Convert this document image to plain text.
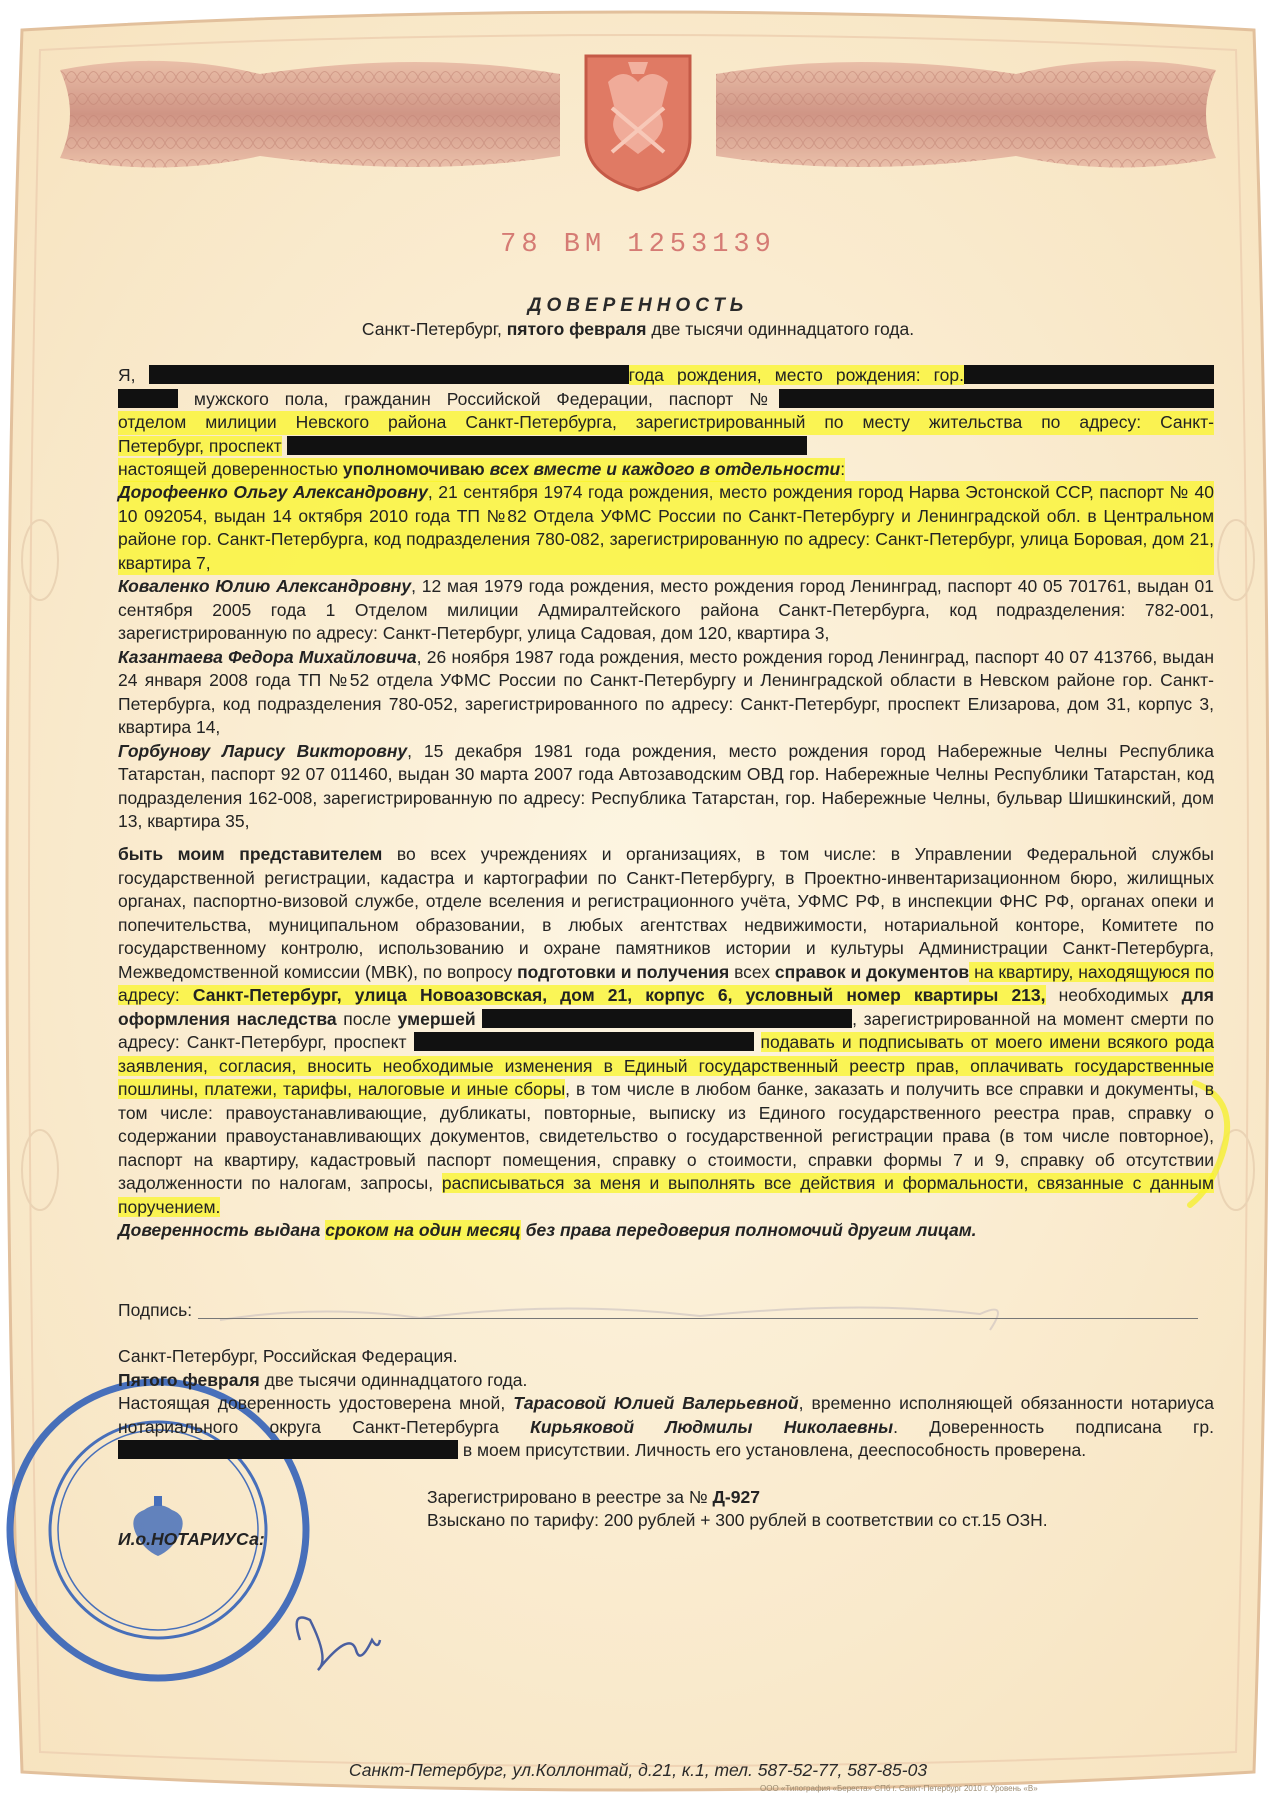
78 ВМ 1253139
ДОВЕРЕННОСТЬ
Санкт-Петербург, пятого февраля две тысячи одиннадцатого года.
Я,	года рождения, место рождения: гор.
мужского пола, гражданин Российской Федерации, паспорт №
отделом милиции Невского района Санкт-Петербурга, зарегистрированный по месту жительства по адресу: Санкт-
Петербург, проспект
настоящей доверенностью уполномочиваю всех вместе и каждого в отдельности:

Дорофеенко Ольгу Александровну, 21 сентября 1974 года рождения, место рождения город Нарва Эстонской ССР, паспорт № 40 10 092054, выдан 14 октября 2010 года ТП №82 Отдела УФМС России по Санкт-Петербургу и Ленинградской обл. в Центральном районе гор. Санкт-Петербурга, код подразделения 780-082, зарегистрированную по адресу: Санкт-Петербург, улица Боровая, дом 21, квартира 7,

Коваленко Юлию Александровну, 12 мая 1979 года рождения, место рождения город Ленинград, паспорт 40 05 701761, выдан 01 сентября 2005 года 1 Отделом милиции Адмиралтейского района Санкт-Петербурга, код подразделения: 782-001, зарегистрированную по адресу: Санкт-Петербург, улица Садовая, дом 120, квартира 3,

Казантаева Федора Михайловича, 26 ноября 1987 года рождения, место рождения город Ленинград, паспорт 40 07 413766, выдан 24 января 2008 года ТП №52 отдела УФМС России по Санкт-Петербургу и Ленинградской области в Невском районе гор. Санкт-Петербурга, код подразделения 780-052, зарегистрированного по адресу: Санкт-Петербург, проспект Елизарова, дом 31, корпус 3, квартира 14,

Горбунову Ларису Викторовну, 15 декабря 1981 года рождения, место рождения город Набережные Челны Республика Татарстан, паспорт 92 07 011460, выдан 30 марта 2007 года Автозаводским ОВД гор. Набережные Челны Республики Татарстан, код подразделения 162-008, зарегистрированную по адресу: Республика Татарстан, гор. Набережные Челны, бульвар Шишкинский, дом 13, квартира 35,

быть моим представителем во всех учреждениях и организациях, в том числе: в Управлении Федеральной службы государственной регистрации, кадастра и картографии по Санкт-Петербургу, в Проектно-инвентаризационном бюро, жилищных органах, паспортно-визовой службе, отделе вселения и регистрационного учёта, УФМС РФ, в инспекции ФНС РФ, органах опеки и попечительства, муниципальном образовании, в любых агентствах недвижимости, нотариальной конторе, Комитете по государственному контролю, использованию и охране памятников истории и культуры Администрации Санкт-Петербурга, Межведомственной комиссии (МВК), по вопросу подготовки и получения всех справок и документов на квартиру, находящуюся по адресу: Санкт-Петербург, улица Новоазовская, дом 21, корпус 6, условный номер квартиры 213, необходимых для оформления наследства после умершей	, зарегистрированной на момент смерти по адресу: Санкт-Петербург, проспект	подавать и подписывать от моего имени всякого рода заявления, согласия, вносить необходимые изменения в Единый государственный реестр прав, оплачивать государственные пошлины, платежи, тарифы, налоговые и иные сборы, в том числе в любом банке, заказать и получить все справки и документы, в том числе: правоустанавливающие, дубликаты, повторные, выписку из Единого государственного реестра прав, справку о содержании правоустанавливающих документов, свидетельство о государственной регистрации права (в том числе повторное), паспорт на квартиру, кадастровый паспорт помещения, справку о стоимости, справки формы 7 и 9, справку об отсутствии задолженности по налогам, запросы, расписываться за меня и выполнять все действия и формальности, связанные с данным поручением.

Доверенность выдана сроком на один месяц без права передоверия полномочий другим лицам.

Подпись:
Санкт-Петербург, Российская Федерация.
Пятого февраля две тысячи одиннадцатого года.

Настоящая доверенность удостоверена мной, Тарасовой Юлией Валерьевной, временно исполняющей обязанности нотариуса нотариального округа Санкт-Петербурга Кирьяковой Людмилы Николаевны. Доверенность подписана гр.  в моем присутствии. Личность его установлена, дееспособность проверена.

Зарегистрировано в реестре за № Д-927
Взыскано по тарифу: 200 рублей + 300 рублей в соответствии со ст.15 ОЗН.
И.о.НОТАРИУСа:
Санкт-Петербург, ул.Коллонтай, д.21, к.1, тел. 587-52-77, 587-85-03
ООО «Типография «Береста» СПб г. Санкт-Петербург 2010 г. Уровень «В»
